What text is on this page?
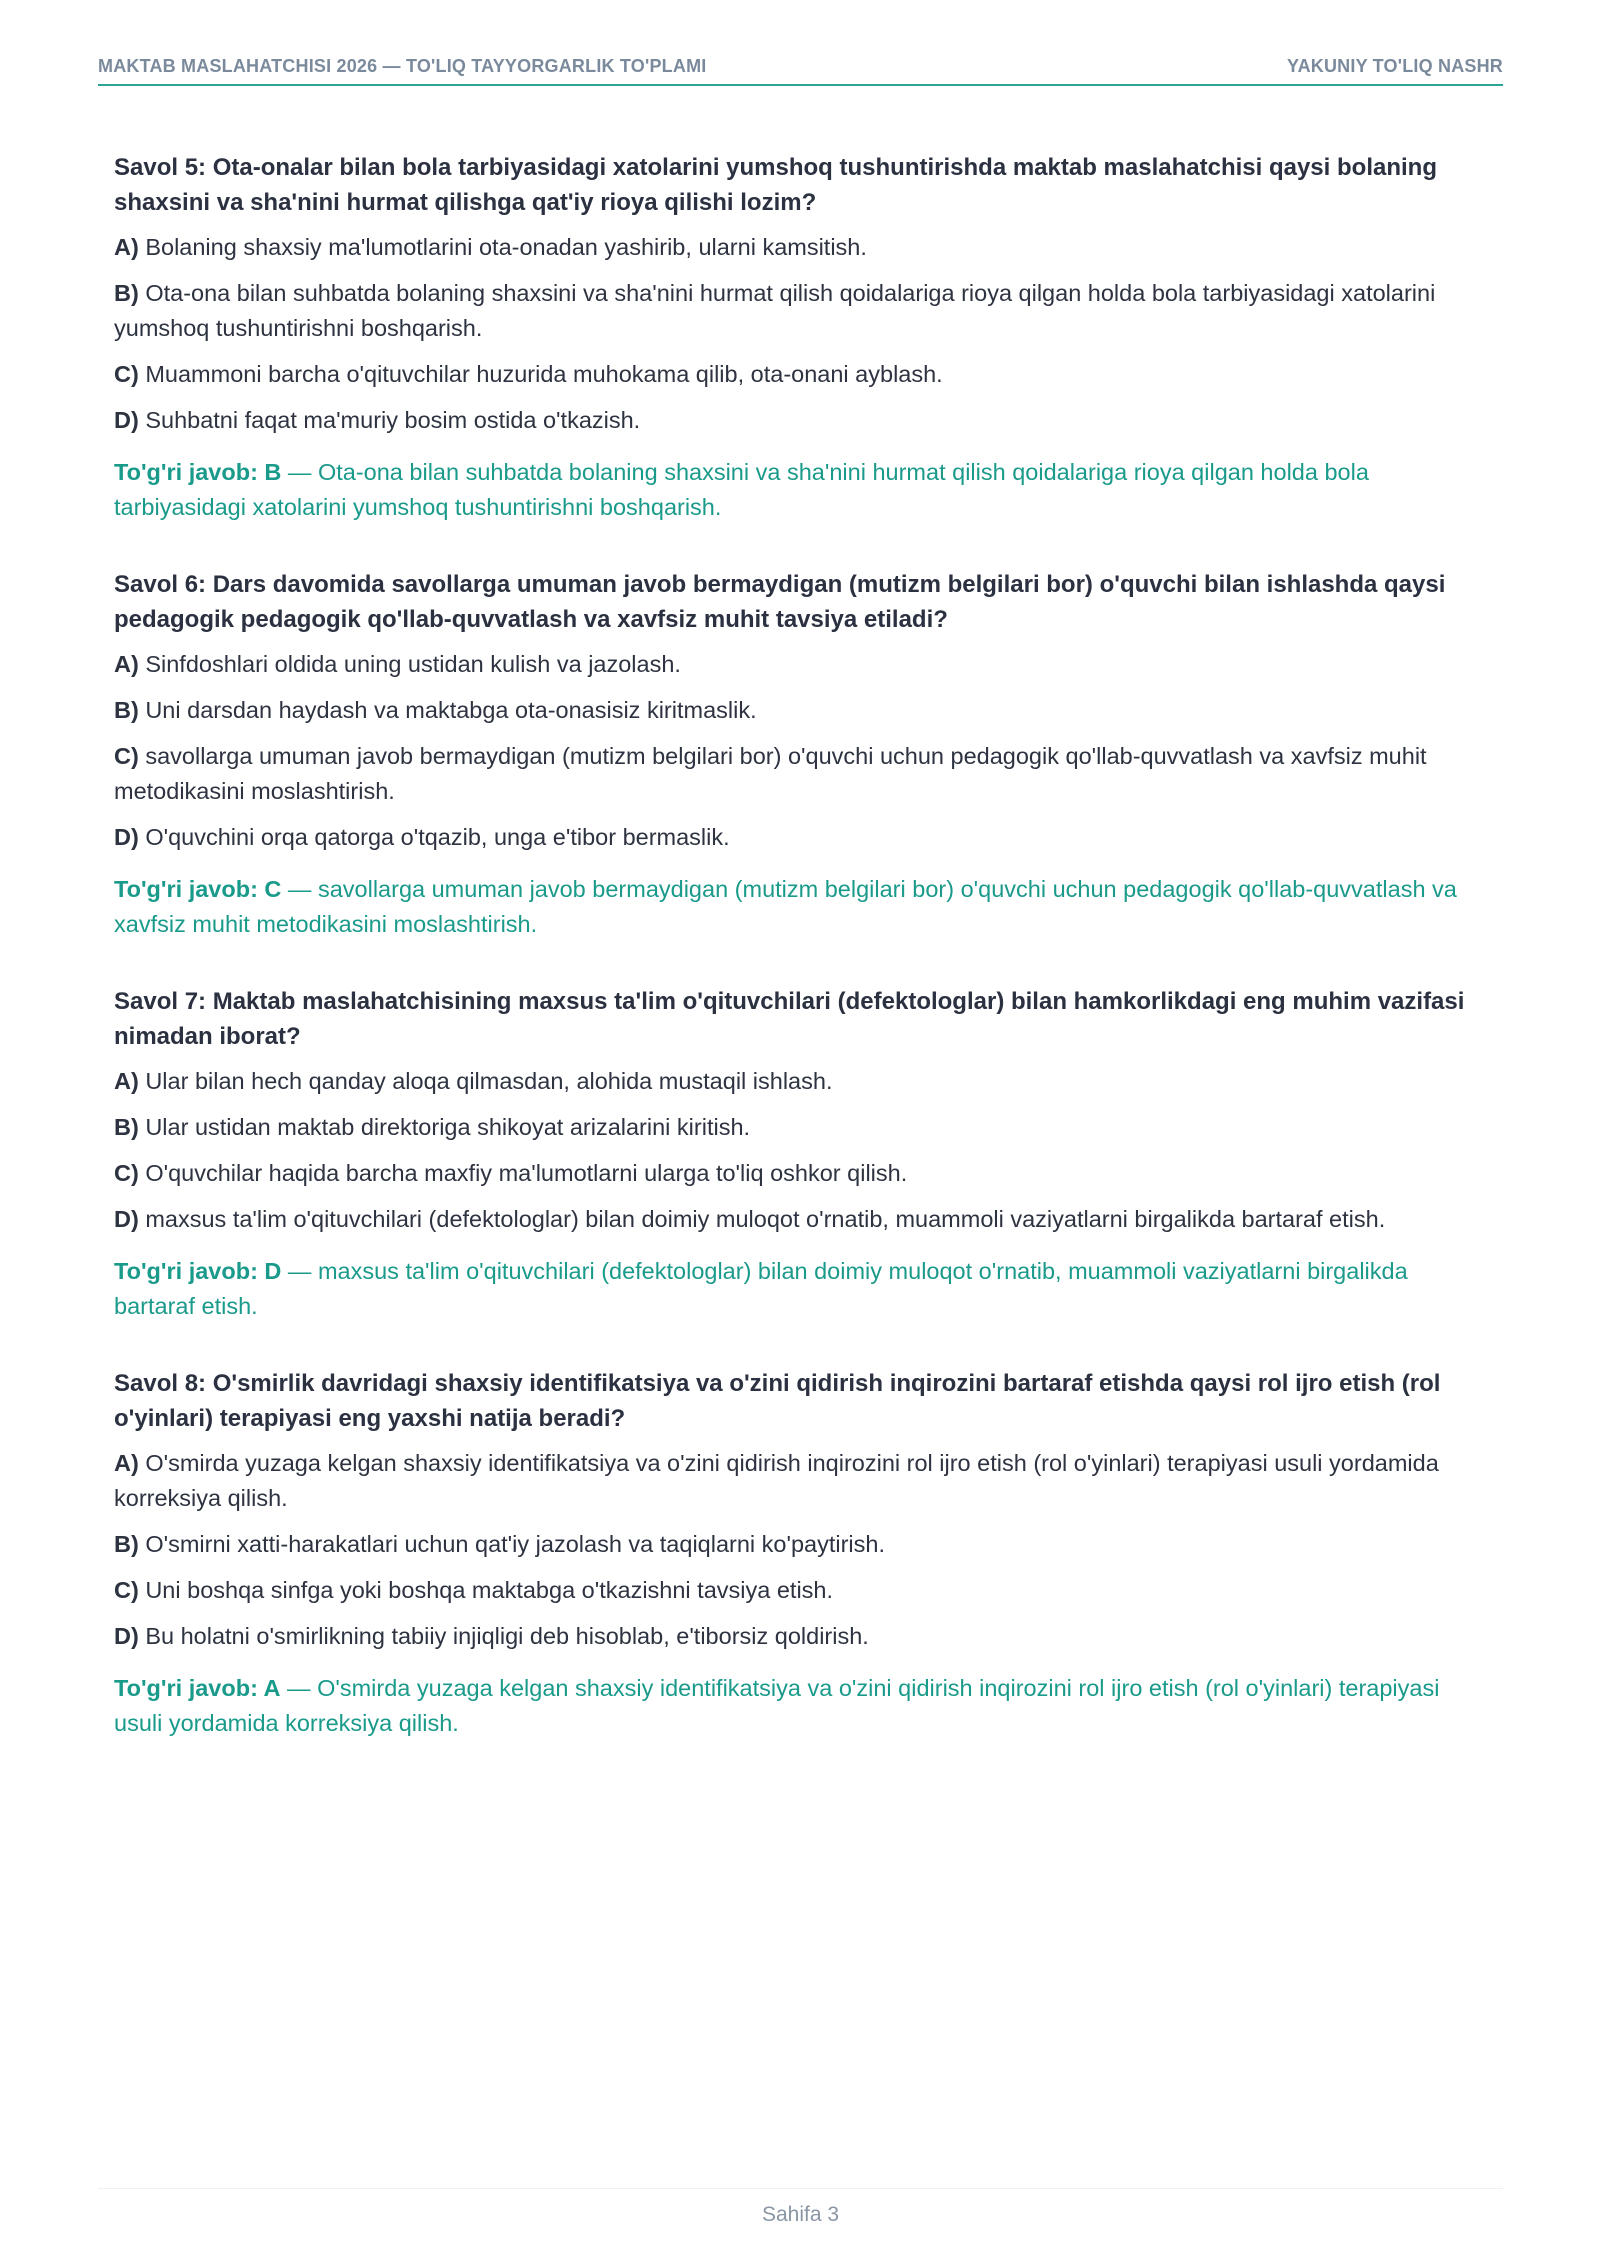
MAKTAB MASLAHATCHISI 2026 — TO'LIQ TAYYORGARLIK TO'PLAMI	YAKUNIY TO'LIQ NASHR

Savol 5: Ota-onalar bilan bola tarbiyasidagi xatolarini yumshoq tushuntirishda maktab maslahatchisi qaysi bolaning shaxsini va sha'nini hurmat qilishga qat'iy rioya qilishi lozim?

A) Bolaning shaxsiy ma'lumotlarini ota-onadan yashirib, ularni kamsitish.

B) Ota-ona bilan suhbatda bolaning shaxsini va sha'nini hurmat qilish qoidalariga rioya qilgan holda bola tarbiyasidagi xatolarini yumshoq tushuntirishni boshqarish.

C) Muammoni barcha o'qituvchilar huzurida muhokama qilib, ota-onani ayblash.

D) Suhbatni faqat ma'muriy bosim ostida o'tkazish.

To'g'ri javob: B — Ota-ona bilan suhbatda bolaning shaxsini va sha'nini hurmat qilish qoidalariga rioya qilgan holda bola tarbiyasidagi xatolarini yumshoq tushuntirishni boshqarish.

Savol 6: Dars davomida savollarga umuman javob bermaydigan (mutizm belgilari bor) o'quvchi bilan ishlashda qaysi pedagogik pedagogik qo'llab-quvvatlash va xavfsiz muhit tavsiya etiladi?

A) Sinfdoshlari oldida uning ustidan kulish va jazolash.

B) Uni darsdan haydash va maktabga ota-onasisiz kiritmaslik.

C) savollarga umuman javob bermaydigan (mutizm belgilari bor) o'quvchi uchun pedagogik qo'llab-quvvatlash va xavfsiz muhit metodikasini moslashtirish.

D) O'quvchini orqa qatorga o'tqazib, unga e'tibor bermaslik.

To'g'ri javob: C — savollarga umuman javob bermaydigan (mutizm belgilari bor) o'quvchi uchun pedagogik qo'llab-quvvatlash va xavfsiz muhit metodikasini moslashtirish.

Savol 7: Maktab maslahatchisining maxsus ta'lim o'qituvchilari (defektologlar) bilan hamkorlikdagi eng muhim vazifasi nimadan iborat?

A) Ular bilan hech qanday aloqa qilmasdan, alohida mustaqil ishlash.

B) Ular ustidan maktab direktoriga shikoyat arizalarini kiritish.

C) O'quvchilar haqida barcha maxfiy ma'lumotlarni ularga to'liq oshkor qilish.

D) maxsus ta'lim o'qituvchilari (defektologlar) bilan doimiy muloqot o'rnatib, muammoli vaziyatlarni birgalikda bartaraf etish.

To'g'ri javob: D — maxsus ta'lim o'qituvchilari (defektologlar) bilan doimiy muloqot o'rnatib, muammoli vaziyatlarni birgalikda bartaraf etish.

Savol 8: O'smirlik davridagi shaxsiy identifikatsiya va o'zini qidirish inqirozini bartaraf etishda qaysi rol ijro etish (rol o'yinlari) terapiyasi eng yaxshi natija beradi?

A) O'smirda yuzaga kelgan shaxsiy identifikatsiya va o'zini qidirish inqirozini rol ijro etish (rol o'yinlari) terapiyasi usuli yordamida korreksiya qilish.

B) O'smirni xatti-harakatlari uchun qat'iy jazolash va taqiqlarni ko'paytirish.

C) Uni boshqa sinfga yoki boshqa maktabga o'tkazishni tavsiya etish.

D) Bu holatni o'smirlikning tabiiy injiqligi deb hisoblab, e'tiborsiz qoldirish.

To'g'ri javob: A — O'smirda yuzaga kelgan shaxsiy identifikatsiya va o'zini qidirish inqirozini rol ijro etish (rol o'yinlari) terapiyasi usuli yordamida korreksiya qilish.
Sahifa 3
